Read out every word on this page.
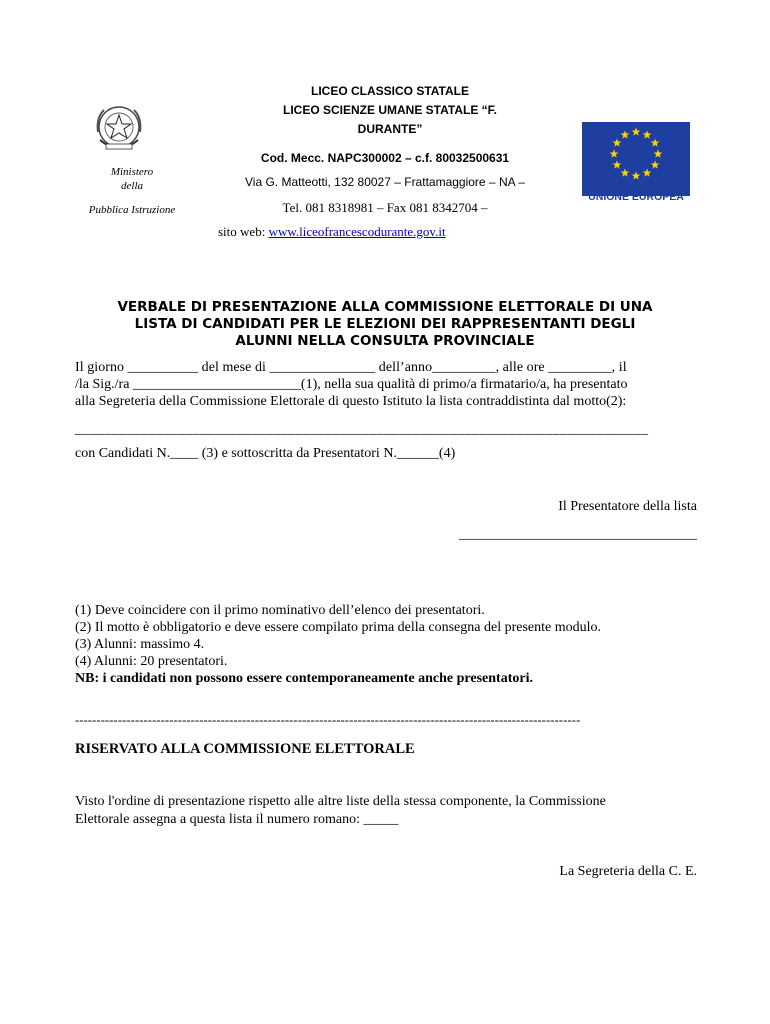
Ministero
della
Pubblica Istruzione
LICEO CLASSICO STATALE
LICEO SCIENZE UMANE STATALE “F.
DURANTE”
Cod. Mecc. NAPC300002 – c.f. 80032500631
Via G. Matteotti, 132 80027 – Frattamaggiore – NA –
Tel. 081 8318981 – Fax 081 8342704 –
sito web: www.liceofrancescodurante.gov.it
UNIONE EUROPEA
VERBALE DI PRESENTAZIONE ALLA COMMISSIONE ELETTORALE DI UNA
LISTA DI CANDIDATI PER LE ELEZIONI DEI RAPPRESENTANTI DEGLI
ALUNNI NELLA CONSULTA PROVINCIALE
Il giorno __________ del mese di _______________ dell’anno_________, alle ore _________, il
/la Sig./ra ________________________(1), nella sua qualità di primo/a firmatario/a, ha presentato
alla Segreteria della Commissione Elettorale di questo Istituto la lista contraddistinta dal motto(2):
______________________________________________________________________________
con Candidati N.____ (3) e sottoscritta da Presentatori N.______(4)
Il Presentatore della lista
__________________________________
(1) Deve coincidere con il primo nominativo dell’elenco dei presentatori.
(2) Il motto è obbligatorio e deve essere compilato prima della consegna del presente modulo.
(3) Alunni: massimo 4.
(4) Alunni: 20 presentatori.
NB: i candidati non possono essere contemporaneamente anche presentatori.
----------------------------------------------------------------------------------------------------------------------
RISERVATO ALLA COMMISSIONE ELETTORALE
Visto l'ordine di presentazione rispetto alle altre liste della stessa componente, la Commissione
Elettorale assegna a questa lista il numero romano: _____
La Segreteria della C. E.
